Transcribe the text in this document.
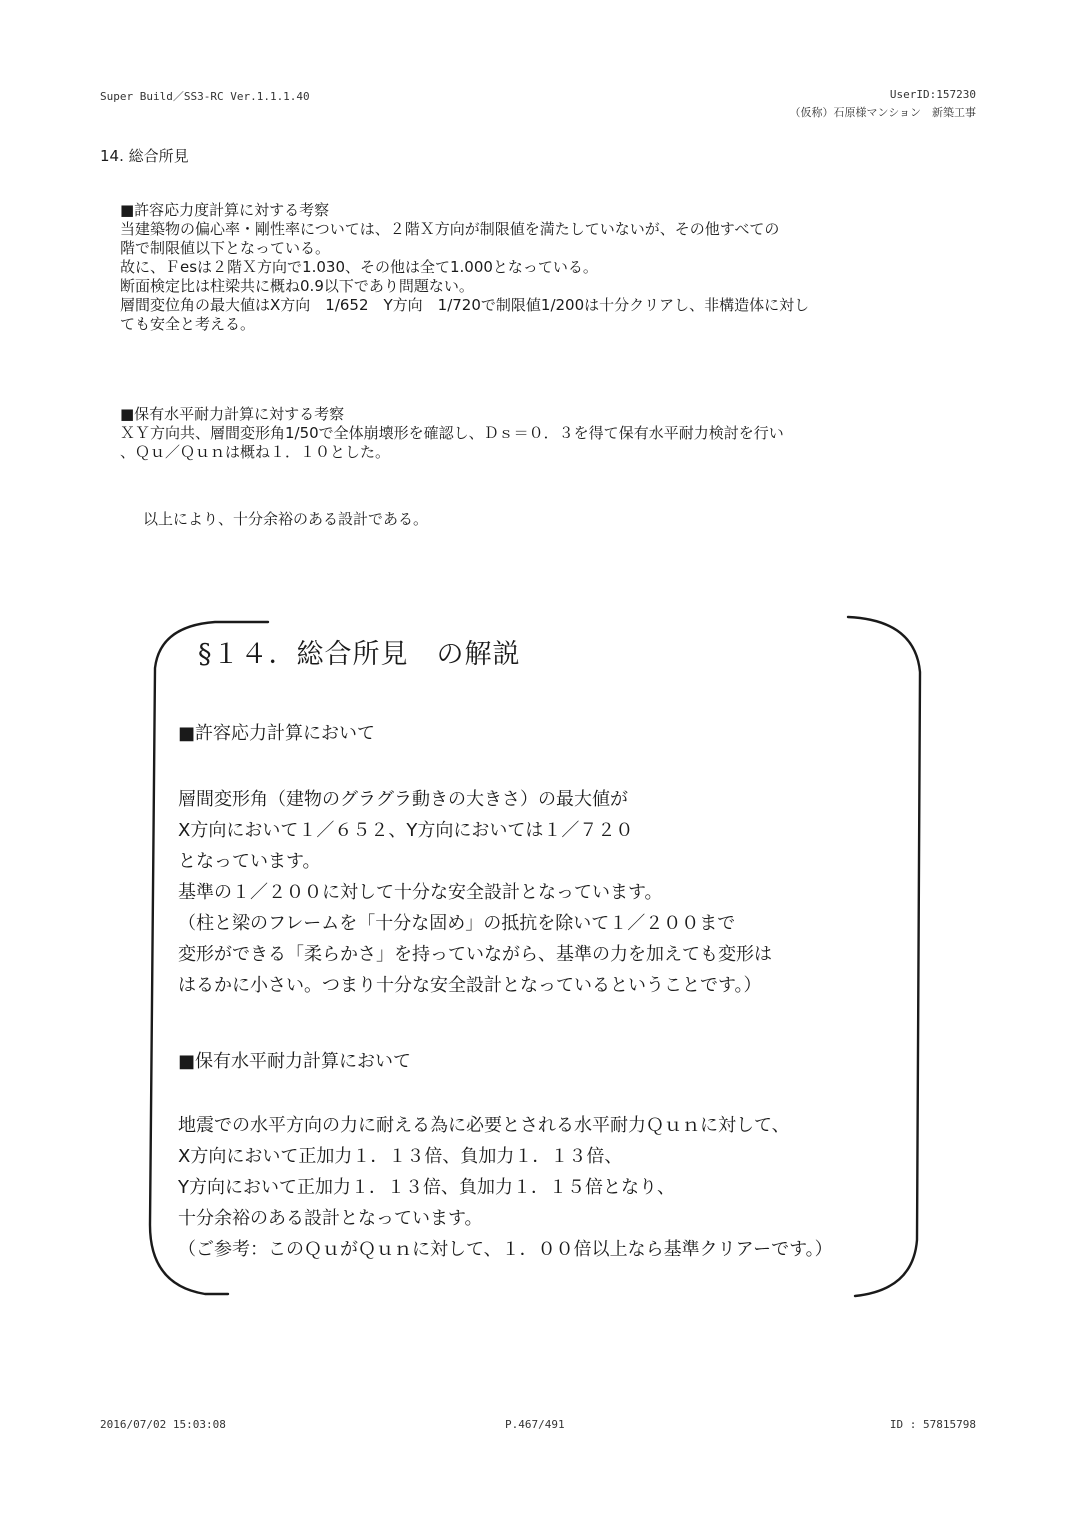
Super Build／SS3-RC Ver.1.1.1.40	UserID:157230
（仮称）石原様マンション　新築工事
14. 総合所見

■許容応力度計算に対する考察

当建築物の偏心率・剛性率については、２階Ｘ方向が制限値を満たしていないが、その他すべての

階で制限値以下となっている。

故に、Ｆesは２階Ｘ方向で1.030、その他は全て1.000となっている。

断面検定比は柱梁共に概ね0.9以下であり問題ない。

層間変位角の最大値はX方向　1/652　Y方向　1/720で制限値1/200は十分クリアし、非構造体に対し

ても安全と考える。

■保有水平耐力計算に対する考察

ＸＹ方向共、層間変形角1/50で全体崩壊形を確認し、Ｄｓ＝０．３を得て保有水平耐力検討を行い

、Ｑｕ／Ｑｕｎは概ね１．１０とした。

以上により、十分余裕のある設計である。
§１４．総合所見　の解説
■許容応力計算において

層間変形角（建物のグラグラ動きの大きさ）の最大値が

X方向において１／６５２、Y方向においては１／７２０

となっています。

基準の１／２００に対して十分な安全設計となっています。

（柱と梁のフレームを「十分な固め」の抵抗を除いて１／２００まで

変形ができる「柔らかさ」を持っていながら、基準の力を加えても変形は

はるかに小さい。つまり十分な安全設計となっているということです。）

■保有水平耐力計算において

地震での水平方向の力に耐える為に必要とされる水平耐力Ｑｕｎに対して、

X方向において正加力１．１３倍、負加力１．１３倍、

Y方向において正加力１．１３倍、負加力１．１５倍となり、

十分余裕のある設計となっています。

（ご参考：このＱｕがＱｕｎに対して、１．００倍以上なら基準クリアーです。）

2016/07/02 15:03:08	P.467/491	ID : 57815798
